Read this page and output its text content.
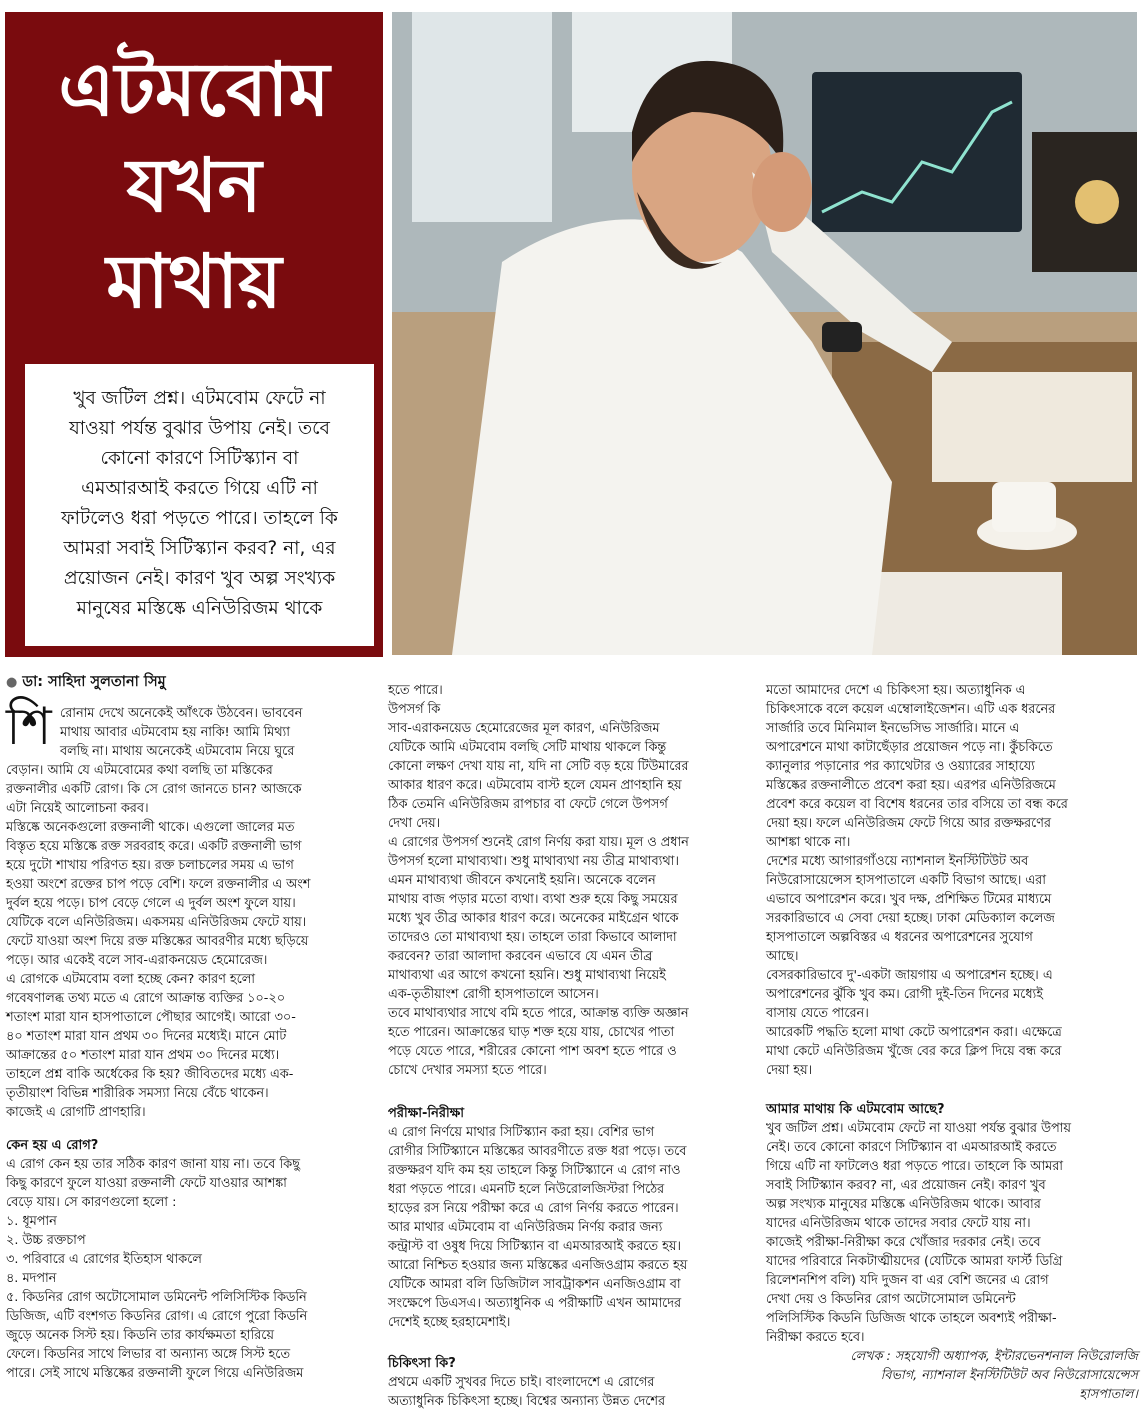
এটমবোম
যখন
মাথায়
খুব জটিল প্রশ্ন। এটমবোম ফেটে না
যাওয়া পর্যন্ত বুঝার উপায় নেই। তবে
কোনো কারণে সিটিস্ক্যান বা
এমআরআই করতে গিয়ে এটি না
ফাটলেও ধরা পড়তে পারে। তাহলে কি
আমরা সবাই সিটিস্ক্যান করব? না, এর
প্রয়োজন নেই। কারণ খুব অল্প সংখ্যক
মানুষের মস্তিষ্কে এনিউরিজম থাকে
● ডা: সাহিদা সুলতানা সিমু
শি রোনাম দেখে অনেকেই আঁৎকে উঠবেন। ভাববেন
মাথায় আবার এটমবোম হয় নাকি! আমি মিথ্যা
বলছি না। মাথায় অনেকেই এটমবোম নিয়ে ঘুরে
বেড়ান। আমি যে এটমবোমের কথা বলছি তা মস্তিকের
রক্তনালীর একটি রোগ। কি সে রোগ জানতে চান? আজকে
এটা নিয়েই আলোচনা করব।
মস্তিষ্কে অনেকগুলো রক্তনালী থাকে। এগুলো জালের মত
বিস্তৃত হয়ে মস্তিষ্কে রক্ত সরবরাহ করে। একটি রক্তনালী ভাগ
হয়ে দুটো শাখায় পরিণত হয়। রক্ত চলাচলের সময় এ ভাগ
হওয়া অংশে রক্তের চাপ পড়ে বেশি। ফলে রক্তনালীর এ অংশ
দুর্বল হয়ে পড়ে। চাপ বেড়ে গেলে এ দুর্বল অংশ ফুলে যায়।
যেটিকে বলে এনিউরিজম। একসময় এনিউরিজম ফেটে যায়।
ফেটে যাওয়া অংশ দিয়ে রক্ত মস্তিষ্কের আবরণীর মধ্যে ছড়িয়ে
পড়ে। আর একেই বলে সাব-এরাকনয়েড হেমোরেজ।
এ রোগকে এটমবোম বলা হচ্ছে কেন? কারণ হলো
গবেষণালব্ধ তথ্য মতে এ রোগে আক্রান্ত ব্যক্তির ১০-২০
শতাংশ মারা যান হাসপাতালে পৌছার আগেই। আরো ৩০-
৪০ শতাংশ মারা যান প্রথম ৩০ দিনের মধ্যেই। মানে মোট
আক্রান্তের ৫০ শতাংশ মারা যান প্রথম ৩০ দিনের মধ্যে।
তাহলে প্রশ্ন বাকি অর্ধেকের কি হয়? জীবিতদের মধ্যে এক-
তৃতীয়াংশ বিভিন্ন শারীরিক সমস্যা নিয়ে বেঁচে থাকেন।
কাজেই এ রোগটি প্রাণহারি।
কেন হয় এ রোগ?
এ রোগ কেন হয় তার সঠিক কারণ জানা যায় না। তবে কিছু
কিছু কারণে ফুলে যাওয়া রক্তনালী ফেটে যাওয়ার আশঙ্কা
বেড়ে যায়। সে কারণগুলো হলো :
১. ধূমপান
২. উচ্চ রক্তচাপ
৩. পরিবারে এ রোগের ইতিহাস থাকলে
৪. মদপান
৫. কিডনির রোগ অটোসোমাল ডমিনেন্ট পলিসিস্টিক কিডনি
ডিজিজ, এটি বংশগত কিডনির রোগ। এ রোগে পুরো কিডনি
জুড়ে অনেক সিস্ট হয়। কিডনি তার কার্যক্ষমতা হারিয়ে
ফেলে। কিডনির সাথে লিভার বা অন্যান্য অঙ্গে সিস্ট হতে
পারে। সেই সাথে মস্তিষ্কের রক্তনালী ফুলে গিয়ে এনিউরিজম
হতে পারে।
উপসর্গ কি
সাব-এরাকনয়েড হেমোরেজের মূল কারণ, এনিউরিজম
যেটিকে আমি এটমবোম বলছি সেটি মাথায় থাকলে কিন্তু
কোনো লক্ষণ দেখা যায় না, যদি না সেটি বড় হয়ে টিউমারের
আকার ধারণ করে। এটমবোম বাস্ট হলে যেমন প্রাণহানি হয়
ঠিক তেমনি এনিউরিজম রাপচার বা ফেটে গেলে উপসর্গ
দেখা দেয়।
এ রোগের উপসর্গ শুনেই রোগ নির্ণয় করা যায়। মূল ও প্রধান
উপসর্গ হলো মাথাব্যথা। শুধু মাথাব্যথা নয় তীব্র মাথাব্যথা।
এমন মাথাব্যথা জীবনে কখনোই হয়নি। অনেকে বলেন
মাথায় বাজ পড়ার মতো ব্যথা। ব্যথা শুরু হয়ে কিছু সময়ের
মধ্যে খুব তীব্র আকার ধারণ করে। অনেকের মাইগ্রেন থাকে
তাদেরও তো মাথাব্যথা হয়। তাহলে তারা কিভাবে আলাদা
করবেন? তারা আলাদা করবেন এভাবে যে এমন তীব্র
মাথাব্যথা এর আগে কখনো হয়নি। শুধু মাথাব্যথা নিয়েই
এক-তৃতীয়াংশ রোগী হাসপাতালে আসেন।
তবে মাথাব্যথার সাথে বমি হতে পারে, আক্রান্ত ব্যক্তি অজ্ঞান
হতে পারেন। আক্রান্তের ঘাড় শক্ত হয়ে যায়, চোখের পাতা
পড়ে যেতে পারে, শরীরের কোনো পাশ অবশ হতে পারে ও
চোখে দেখার সমস্যা হতে পারে।
পরীক্ষা-নিরীক্ষা
এ রোগ নির্ণয়ে মাথার সিটিস্ক্যান করা হয়। বেশির ভাগ
রোগীর সিটিস্ক্যানে মস্তিষ্কের আবরণীতে রক্ত ধরা পড়ে। তবে
রক্তক্ষরণ যদি কম হয় তাহলে কিন্তু সিটিস্ক্যানে এ রোগ নাও
ধরা পড়তে পারে। এমনটি হলে নিউরোলজিস্টরা পিঠের
হাড়ের রস নিয়ে পরীক্ষা করে এ রোগ নির্ণয় করতে পারেন।
আর মাথার এটমবোম বা এনিউরিজম নির্ণয় করার জন্য
কন্ট্রাস্ট বা ওষুধ দিয়ে সিটিস্ক্যান বা এমআরআই করতে হয়।
আরো নিশ্চিত হওয়ার জন্য মস্তিষ্কের এনজিওগ্রাম করতে হয়
যেটিকে আমরা বলি ডিজিটাল সাবট্রাকশন এনজিওগ্রাম বা
সংক্ষেপে ডিএসএ। অত্যাধুনিক এ পরীক্ষাটি এখন আমাদের
দেশেই হচ্ছে হরহামেশাই।
চিকিৎসা কি?
প্রথমে একটি সুখবর দিতে চাই। বাংলাদেশে এ রোগের
অত্যাধুনিক চিকিৎসা হচ্ছে। বিশ্বের অন্যান্য উন্নত দেশের
মতো আমাদের দেশে এ চিকিৎসা হয়। অত্যাধুনিক এ
চিকিৎসাকে বলে কয়েল এম্বোলাইজেশন। এটি এক ধরনের
সার্জারি তবে মিনিমাল ইনভেসিভ সার্জারি। মানে এ
অপারেশনে মাথা কাটাছেঁড়ার প্রয়োজন পড়ে না। কুঁচকিতে
ক্যানুলার পড়ানোর পর ক্যাথেটার ও ওয়্যারের সাহায্যে
মস্তিষ্কের রক্তনালীতে প্রবেশ করা হয়। এরপর এনিউরিজমে
প্রবেশ করে কয়েল বা বিশেষ ধরনের তার বসিয়ে তা বন্ধ করে
দেয়া হয়। ফলে এনিউরিজম ফেটে গিয়ে আর রক্তক্ষরণের
আশঙ্কা থাকে না।
দেশের মধ্যে আগারগাঁওয়ে ন্যাশনাল ইনস্টিটিউট অব
নিউরোসায়েন্সেস হাসপাতালে একটি বিভাগ আছে। এরা
এভাবে অপারেশন করে। খুব দক্ষ, প্রশিক্ষিত টিমের মাধ্যমে
সরকারিভাবে এ সেবা দেয়া হচ্ছে। ঢাকা মেডিক্যাল কলেজ
হাসপাতালে অল্পবিস্তর এ ধরনের অপারেশনের সুযোগ
আছে।
বেসরকারিভাবে দু'-একটা জায়গায় এ অপারেশন হচ্ছে। এ
অপারেশনের ঝুঁকি খুব কম। রোগী দুই-তিন দিনের মধ্যেই
বাসায় যেতে পারেন।
আরেকটি পদ্ধতি হলো মাথা কেটে অপারেশন করা। এক্ষেত্রে
মাথা কেটে এনিউরিজম খুঁজে বের করে ক্লিপ দিয়ে বন্ধ করে
দেয়া হয়।
আমার মাথায় কি এটমবোম আছে?
খুব জটিল প্রশ্ন। এটমবোম ফেটে না যাওয়া পর্যন্ত বুঝার উপায়
নেই। তবে কোনো কারণে সিটিস্ক্যান বা এমআরআই করতে
গিয়ে এটি না ফাটলেও ধরা পড়তে পারে। তাহলে কি আমরা
সবাই সিটিস্ক্যান করব? না, এর প্রয়োজন নেই। কারণ খুব
অল্প সংখ্যক মানুষের মস্তিষ্কে এনিউরিজম থাকে। আবার
যাদের এনিউরিজম থাকে তাদের সবার ফেটে যায় না।
কাজেই পরীক্ষা-নিরীক্ষা করে খোঁজার দরকার নেই। তবে
যাদের পরিবারে নিকটাত্মীয়দের (যেটিকে আমরা ফার্স্ট ডিগ্রি
রিলেশনশিপ বলি) যদি দুজন বা এর বেশি জনের এ রোগ
দেখা দেয় ও কিডনির রোগ অটোসোমাল ডমিনেন্ট
পলিসিস্টিক কিডনি ডিজিজ থাকে তাহলে অবশ্যই পরীক্ষা-
নিরীক্ষা করতে হবে।
লেখক : সহযোগী অধ্যাপক, ইন্টারভেনশনাল নিউরোলজি
বিভাগ, ন্যাশনাল ইনস্টিটিউট অব নিউরোসায়েন্সেস
হাসপাতাল।
